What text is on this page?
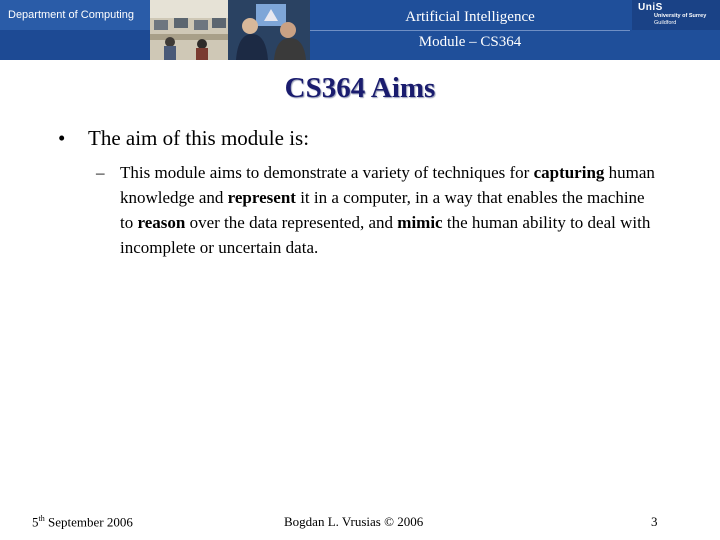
Department of Computing	Artificial Intelligence
Module – CS364
UniS
University of Surrey
Guildford
CS364 Aims
• The aim of this module is:
– This module aims to demonstrate a variety of techniques for capturing human knowledge and represent it in a computer, in a way that enables the machine to reason over the data represented, and mimic the human ability to deal with incomplete or uncertain data.
5th September 2006	Bogdan L. Vrusias © 2006	3
